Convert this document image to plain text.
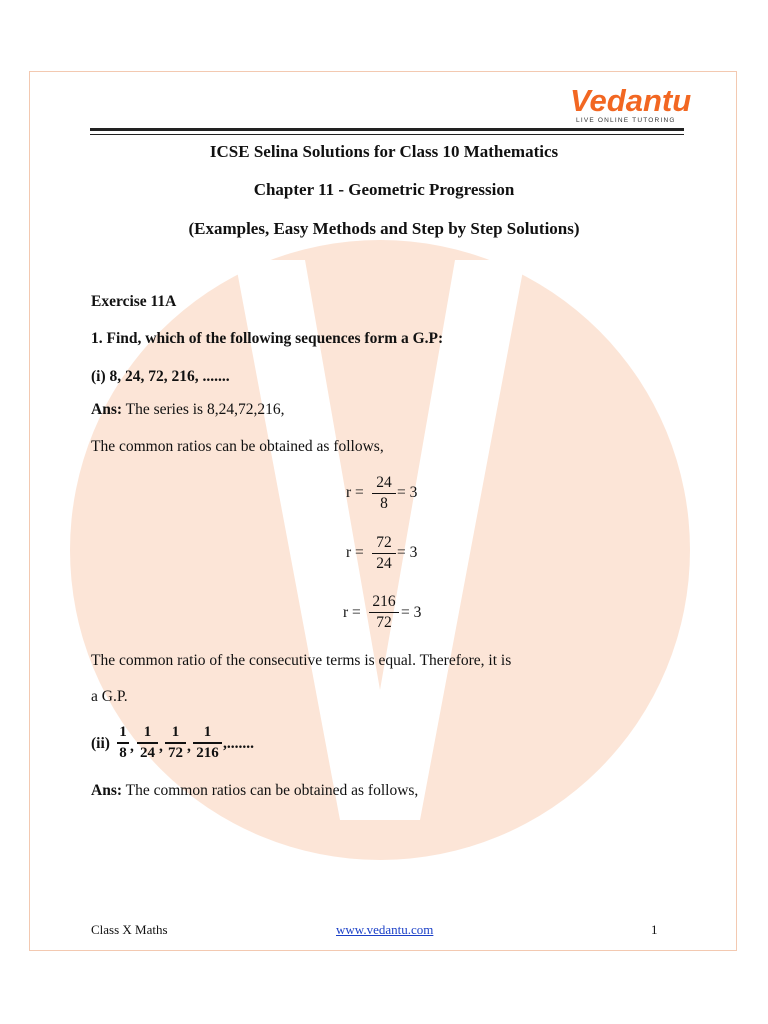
Vedantu
LIVE ONLINE TUTORING
ICSE Selina Solutions for Class 10 Mathematics
Chapter 11 - Geometric Progression
(Examples, Easy Methods and Step by Step Solutions)
Exercise 11A
1. Find, which of the following sequences form a G.P:
(i) 8, 24, 72, 216, .......
Ans: The series is 8,24,72,216,
The common ratios can be obtained as follows,
r =
24
8
= 3
r =
72
24
= 3
r =
216
72
= 3
The common ratio of the consecutive terms is equal. Therefore, it is
a G.P.
(ii)
1
8 ,
1
24 ,
1
72 ,
1
216
,.......
Ans: The common ratios can be obtained as follows,
Class X Maths	www.vedantu.com	1
